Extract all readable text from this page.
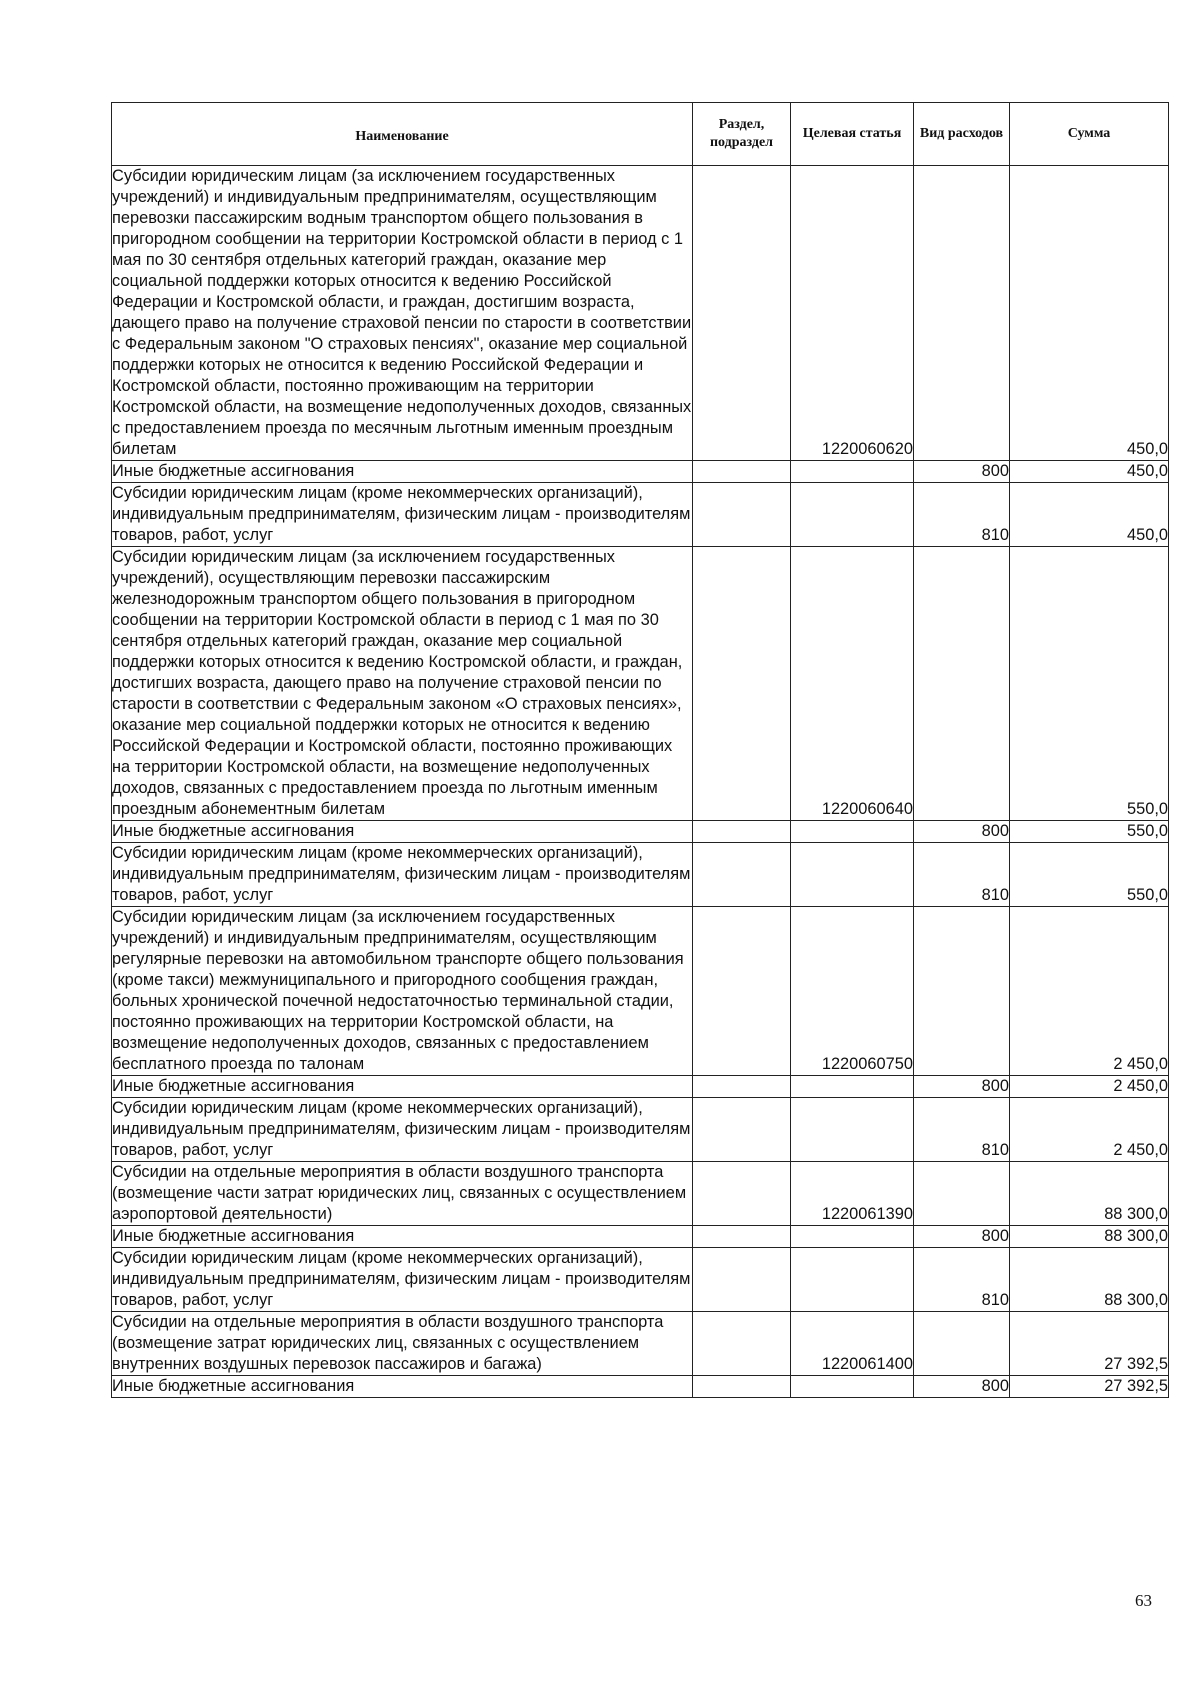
Наименование	Раздел, подраздел	Целевая статья	Вид расходов	Сумма
Субсидии юридическим лицам (за исключением государственных учреждений) и индивидуальным предпринимателям, осуществляющим перевозки пассажирским водным транспортом общего пользования в пригородном сообщении на территории Костромской области в период с 1 мая по 30 сентября отдельных категорий граждан, оказание мер социальной поддержки которых относится к ведению Российской Федерации и Костромской области, и граждан, достигшим возраста, дающего право на получение страховой пенсии по старости в соответствии с Федеральным законом "О страховых пенсиях", оказание мер социальной поддержки которых не относится к ведению Российской Федерации и Костромской области, постоянно проживающим на территории Костромской области, на возмещение недополученных доходов, связанных с предоставлением проезда по месячным льготным именным проездным билетам		1220060620		450,0
Иные бюджетные ассигнования			800	450,0
Субсидии юридическим лицам (кроме некоммерческих организаций), индивидуальным предпринимателям, физическим лицам - производителям товаров, работ, услуг			810	450,0
Субсидии юридическим лицам (за исключением государственных учреждений), осуществляющим перевозки пассажирским железнодорожным транспортом общего пользования в пригородном сообщении на территории Костромской области в период с 1 мая по 30 сентября отдельных категорий граждан, оказание мер социальной поддержки которых относится к ведению Костромской области, и граждан, достигших возраста, дающего право на получение страховой пенсии по старости в соответствии с Федеральным законом «О страховых пенсиях», оказание мер социальной поддержки которых не относится к ведению Российской Федерации и Костромской области, постоянно проживающих на территории Костромской области, на возмещение недополученных доходов, связанных с предоставлением проезда по льготным именным проездным абонементным билетам		1220060640		550,0
Иные бюджетные ассигнования			800	550,0
Субсидии юридическим лицам (кроме некоммерческих организаций), индивидуальным предпринимателям, физическим лицам - производителям товаров, работ, услуг			810	550,0
Субсидии юридическим лицам (за исключением государственных учреждений) и индивидуальным предпринимателям, осуществляющим регулярные перевозки на автомобильном транспорте общего пользования (кроме такси) межмуниципального и пригородного сообщения граждан, больных хронической почечной недостаточностью терминальной стадии, постоянно проживающих на территории Костромской области, на возмещение недополученных доходов, связанных с предоставлением бесплатного проезда по талонам		1220060750		2 450,0
Иные бюджетные ассигнования			800	2 450,0
Субсидии юридическим лицам (кроме некоммерческих организаций), индивидуальным предпринимателям, физическим лицам - производителям товаров, работ, услуг			810	2 450,0
Субсидии на отдельные мероприятия в области воздушного транспорта (возмещение части затрат юридических лиц, связанных с осуществлением аэропортовой деятельности)		1220061390		88 300,0
Иные бюджетные ассигнования			800	88 300,0
Субсидии юридическим лицам (кроме некоммерческих организаций), индивидуальным предпринимателям, физическим лицам - производителям товаров, работ, услуг			810	88 300,0
Субсидии на отдельные мероприятия в области воздушного транспорта (возмещение затрат юридических лиц, связанных с осуществлением внутренних воздушных перевозок пассажиров и багажа)		1220061400		27 392,5
Иные бюджетные ассигнования			800	27 392,5
63
